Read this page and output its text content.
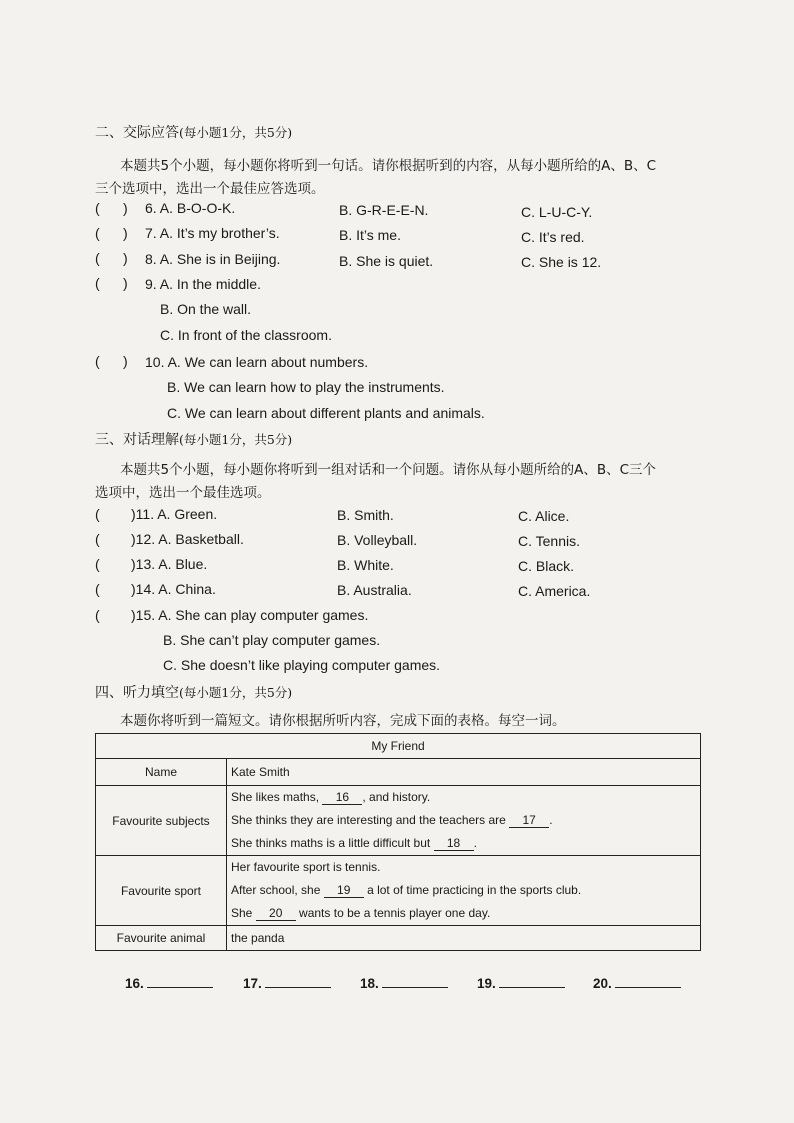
二、交际应答(每小题1分，共5分)
本题共5个小题，每小题你将听到一句话。请你根据听到的内容，从每小题所给的A、B、C
三个选项中，选出一个最佳应答选项。
(      ) 6. A. B-O-O-K.	B. G-R-E-E-N.	C. L-U-C-Y.
(      ) 7. A. It’s my brother’s.	B. It’s me.	C. It’s red.
(      ) 8. A. She is in Beijing.	B. She is quiet.	C. She is 12.
(      ) 9. A. In the middle.
B. On the wall.
C. In front of the classroom.
(      ) 10. A. We can learn about numbers.
B. We can learn how to play the instruments.
C. We can learn about different plants and animals.
三、对话理解(每小题1分，共5分)
本题共5个小题，每小题你将听到一组对话和一个问题。请你从每小题所给的A、B、C三个
选项中，选出一个最佳选项。
( )11. A. Green.	B. Smith.	C. Alice.
( )12. A. Basketball.	B. Volleyball.	C. Tennis.
( )13. A. Blue.	B. White.	C. Black.
( )14. A. China.	B. Australia.	C. America.
( )15. A. She can play computer games.
B. She can’t play computer games.
C. She doesn’t like playing computer games.
四、听力填空(每小题1分，共5分)
本题你将听到一篇短文。请你根据所听内容，完成下面的表格。每空一词。
My Friend	
Name	Kate Smith
Favourite subjects	She likes maths, 16 , and history.
She thinks they are interesting and the teachers are 17 .
She thinks maths is a little difficult but 18 .

Favourite sport	Her favourite sport is tennis.
After school, she 19 a lot of time practicing in the sports club.
She 20 wants to be a tennis player one day.

Favourite animal	the panda
16.	17.	18.	19.	20.
